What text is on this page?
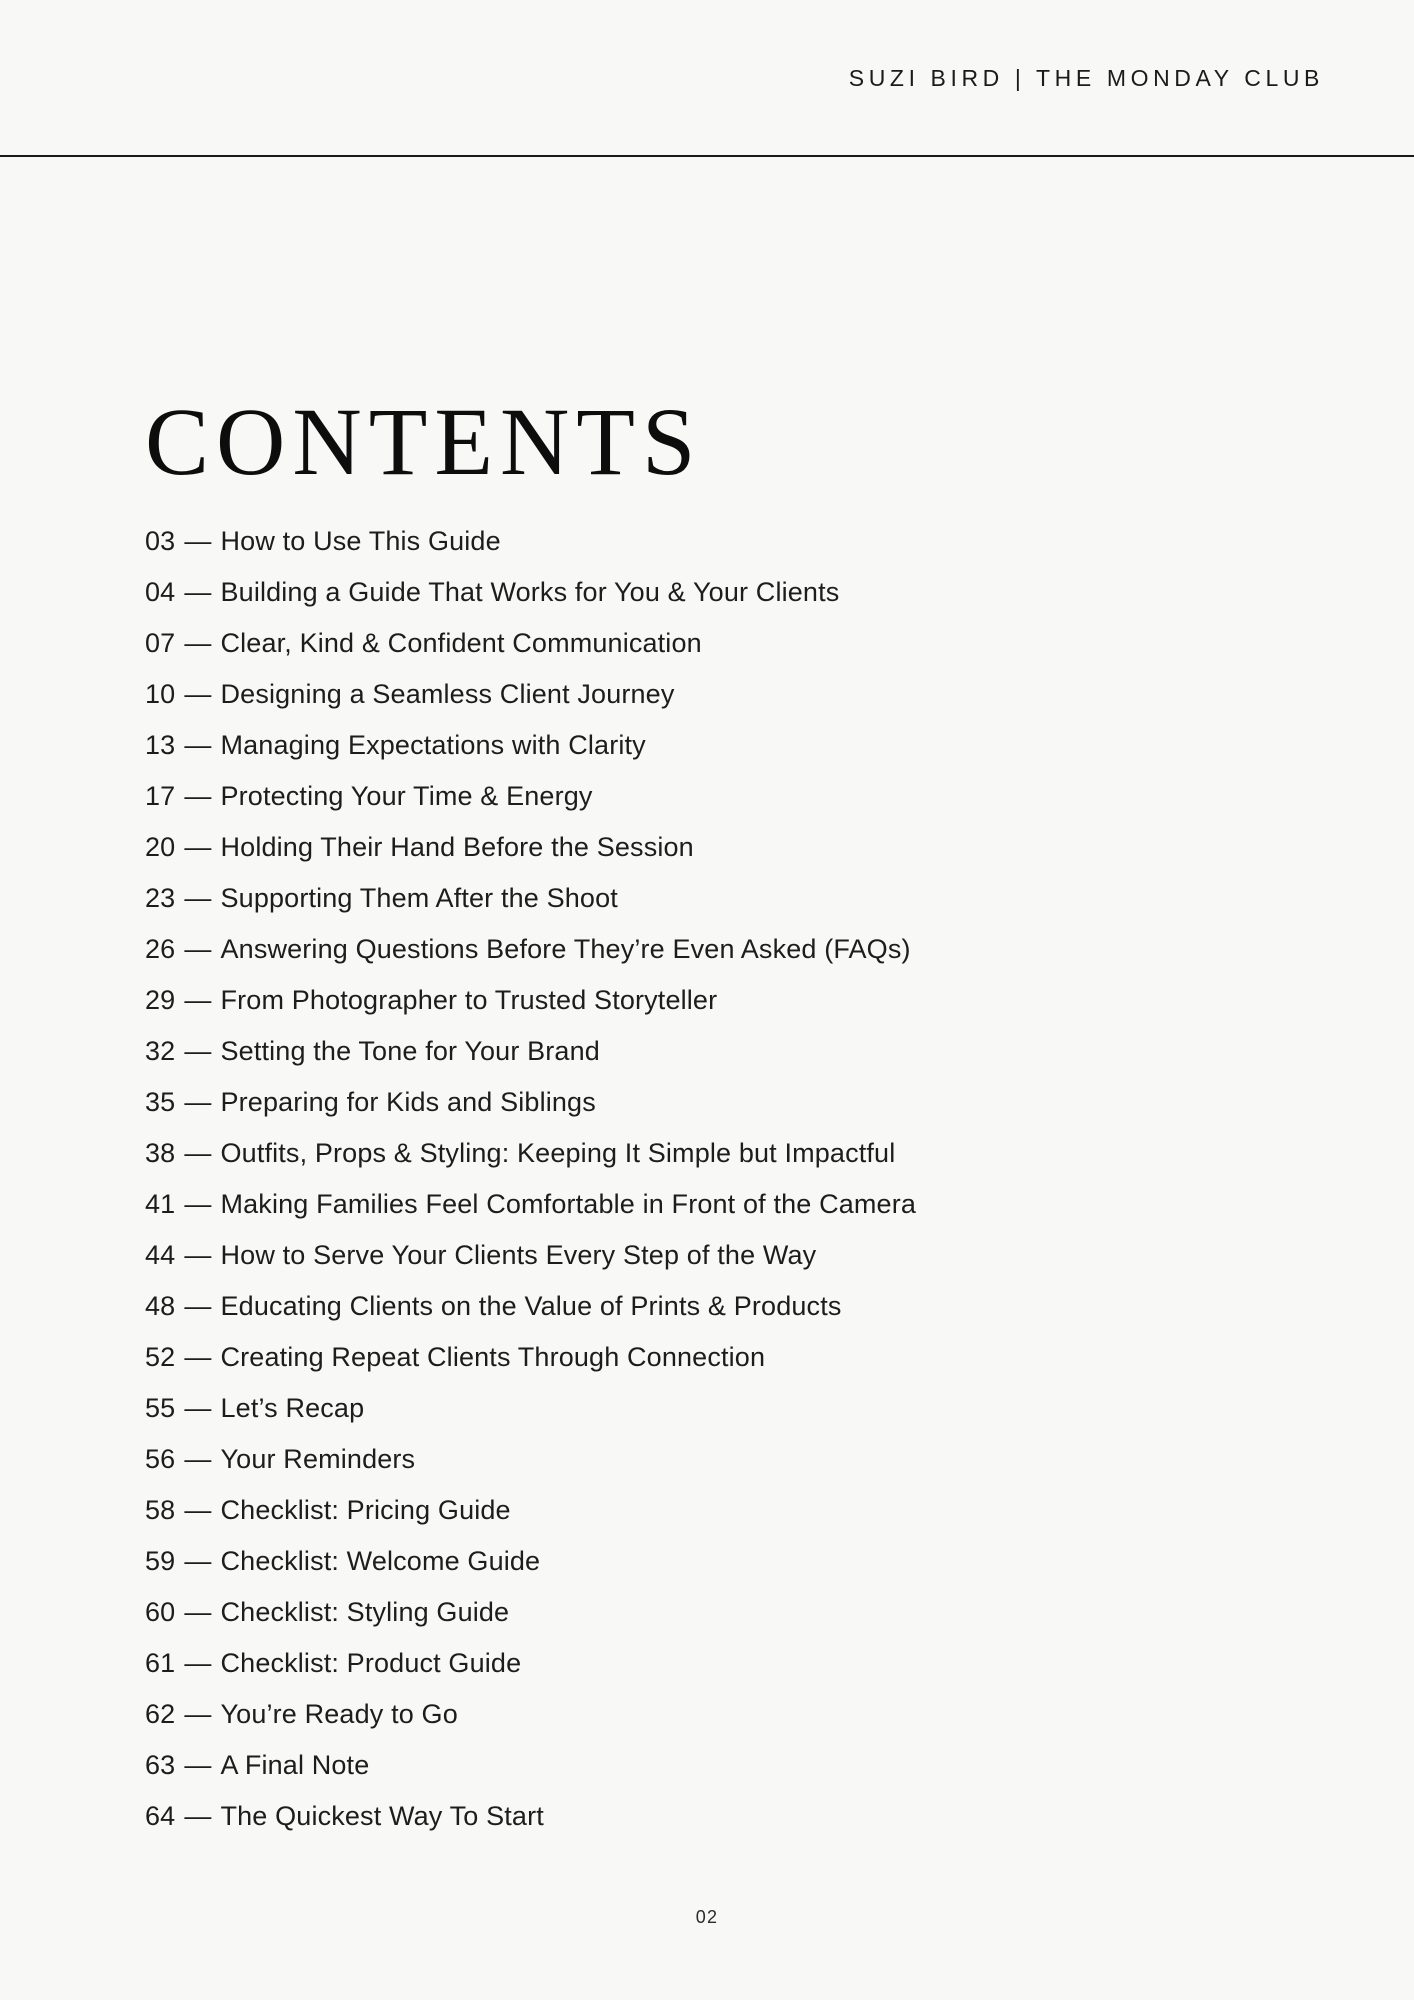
SUZI BIRD | THE MONDAY CLUB
CONTENTS
03 — How to Use This Guide
04 — Building a Guide That Works for You & Your Clients
07 — Clear, Kind & Confident Communication
10 — Designing a Seamless Client Journey
13 — Managing Expectations with Clarity
17 — Protecting Your Time & Energy
20 — Holding Their Hand Before the Session
23 — Supporting Them After the Shoot
26 — Answering Questions Before They’re Even Asked (FAQs)
29 — From Photographer to Trusted Storyteller
32 — Setting the Tone for Your Brand
35 — Preparing for Kids and Siblings
38 — Outfits, Props & Styling: Keeping It Simple but Impactful
41 — Making Families Feel Comfortable in Front of the Camera
44 — How to Serve Your Clients Every Step of the Way
48 — Educating Clients on the Value of Prints & Products
52 — Creating Repeat Clients Through Connection
55 — Let’s Recap
56 — Your Reminders
58 — Checklist: Pricing Guide
59 — Checklist: Welcome Guide
60 — Checklist: Styling Guide
61 — Checklist: Product Guide
62 — You’re Ready to Go
63 — A Final Note
64 — The Quickest Way To Start
02
